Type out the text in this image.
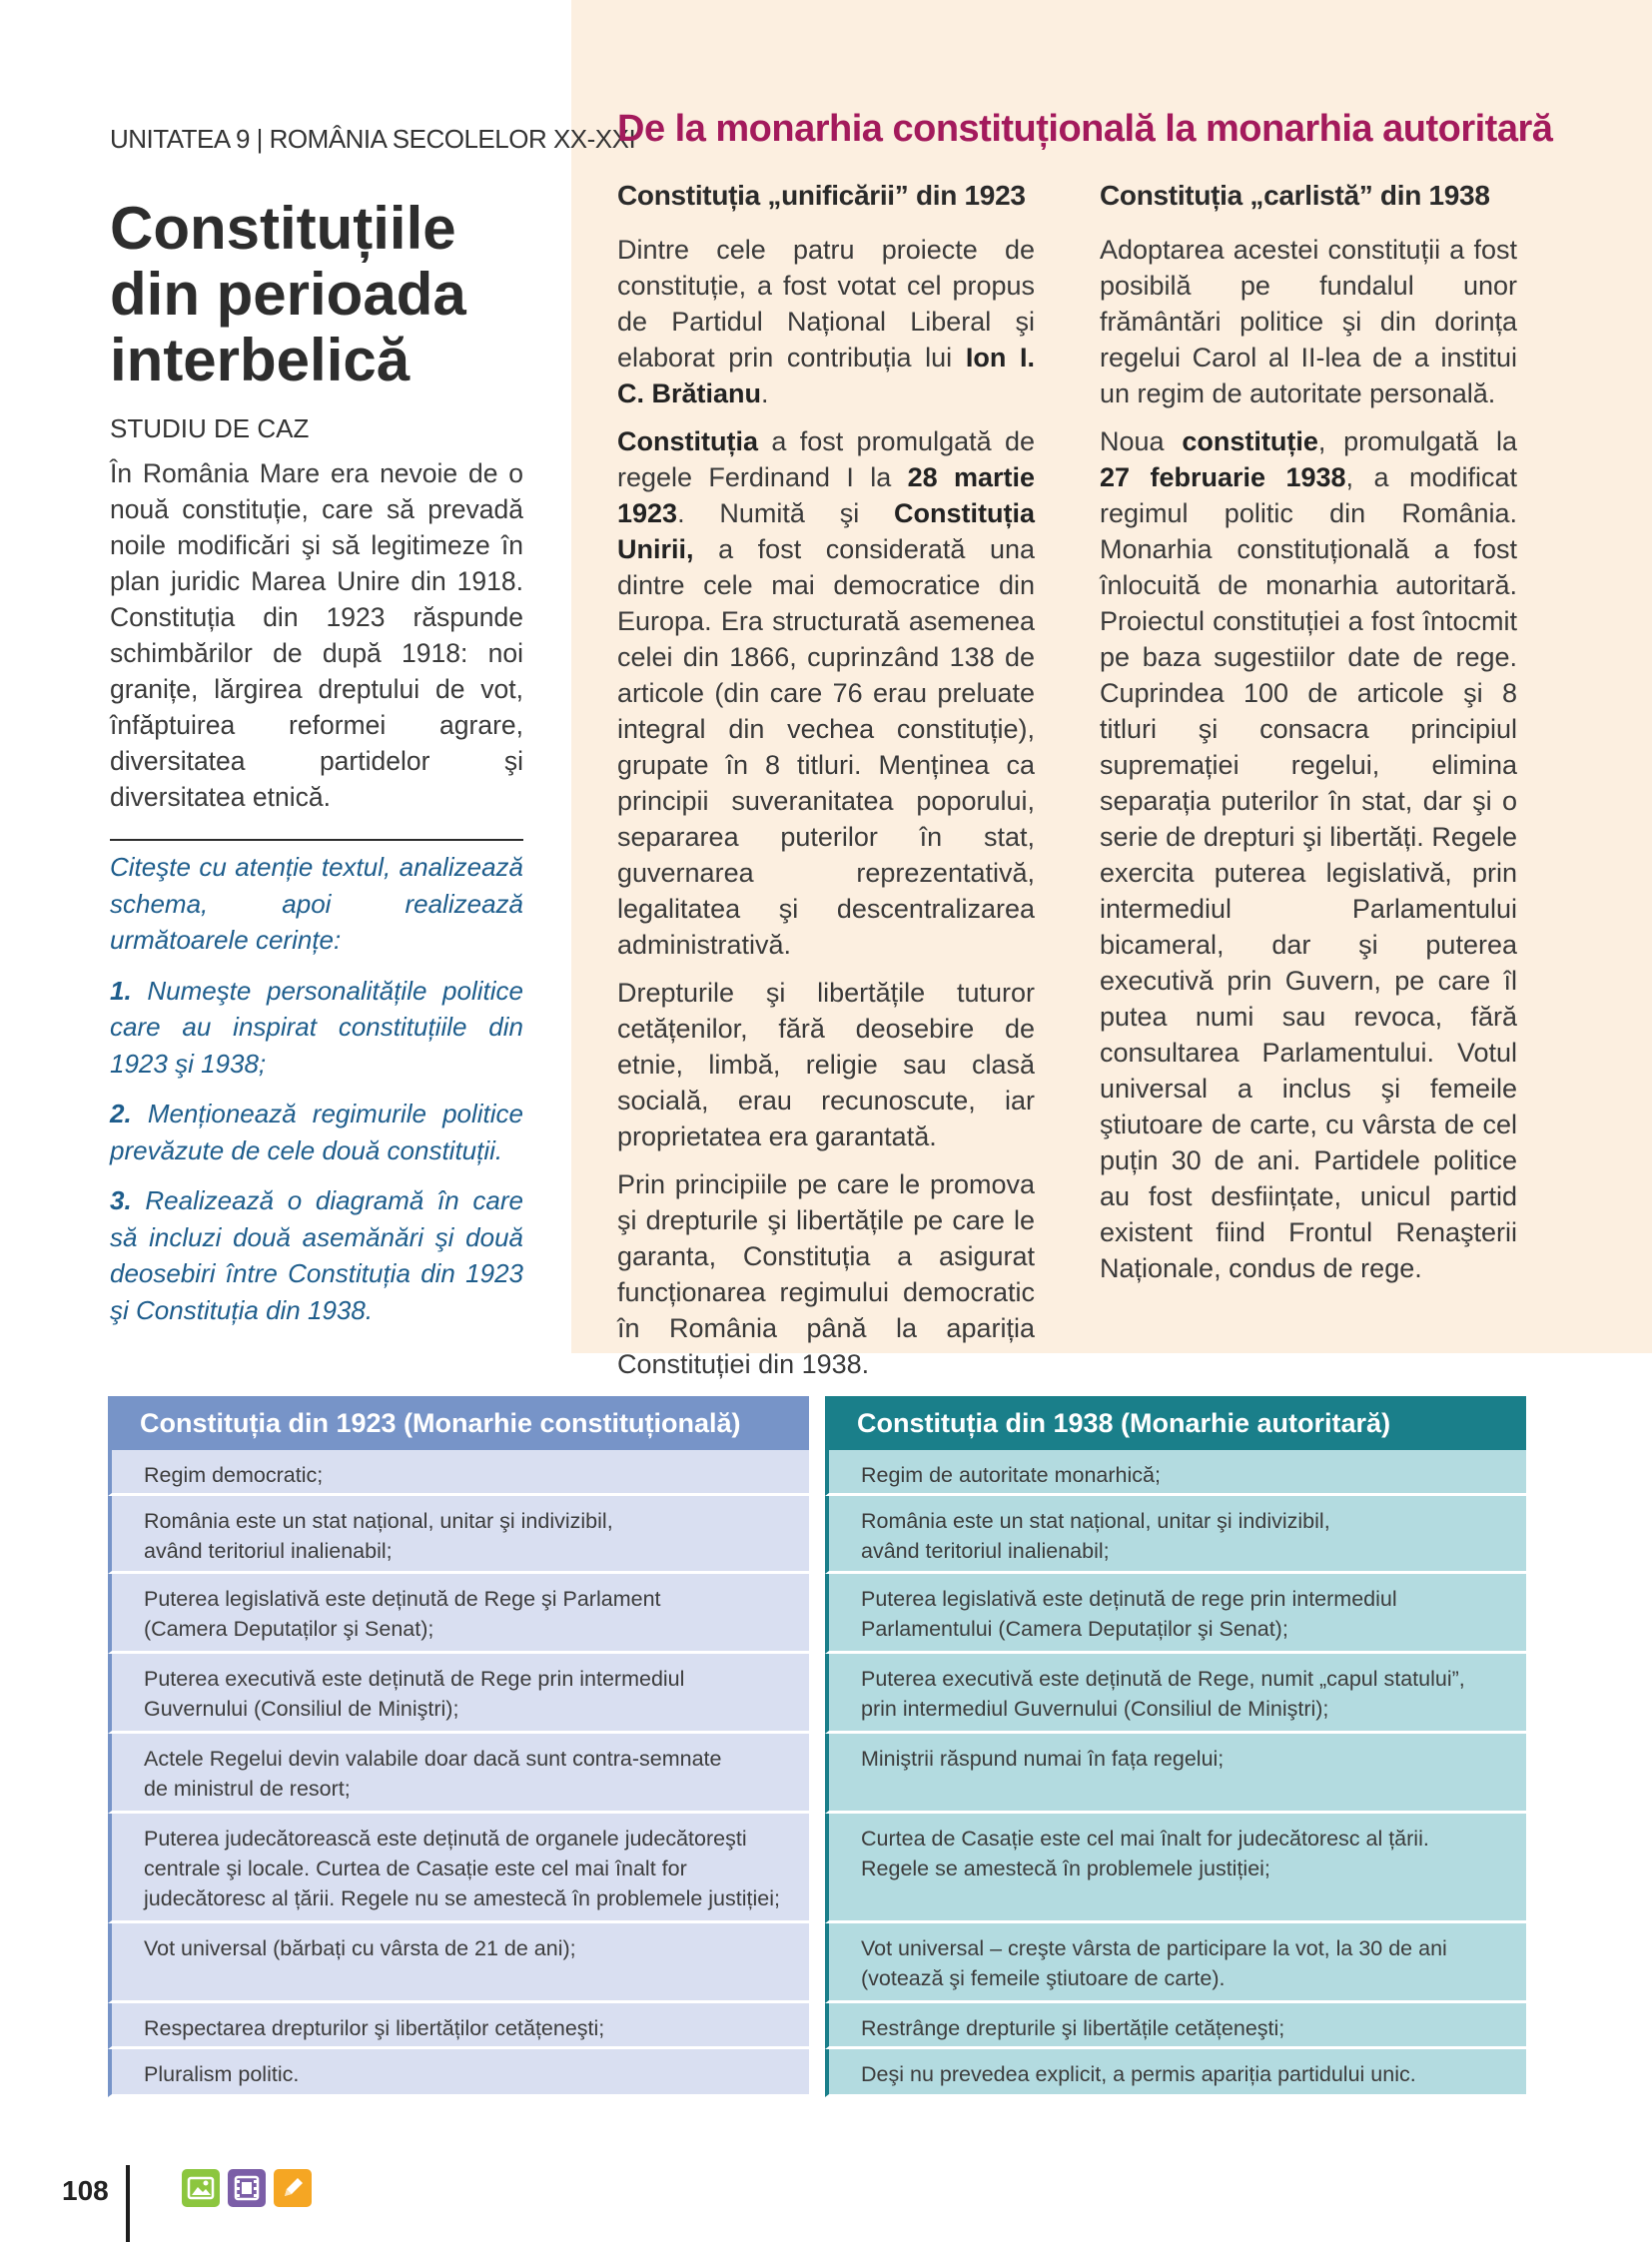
UNITATEA 9 | ROMÂNIA SECOLELOR XX-XXI
Constituțiile
din perioada
interbelică
STUDIU DE CAZ
În România Mare era nevoie de o nouă constituție, care să prevadă noile modificări şi să legitimeze în plan juridic Marea Unire din 1918. Constituția din 1923 răspunde schimbărilor de după 1918: noi granițe, lărgirea dreptului de vot, înfăptuirea reformei agrare, diversitatea partidelor şi diversitatea etnică.

Citeşte cu atenție textul, analizează schema, apoi realizează următoarele cerințe:

1. Numeşte personalitățile politice care au inspirat constituțiile din 1923 şi 1938;

2. Menționează regimurile politice prevăzute de cele două constituții.

3. Realizează o diagramă în care să incluzi două asemănări şi două deosebiri între Constituția din 1923 şi Constituția din 1938.

De la monarhia constituțională la monarhia autoritară
Constituția „unificării” din 1923

Dintre cele patru proiecte de constituție, a fost votat cel propus de Partidul Național Liberal şi elaborat prin contribuția lui Ion I. C. Brătianu.

Constituția a fost promulgată de regele Ferdinand I la 28 martie 1923. Numită şi Constituția Unirii, a fost considerată una dintre cele mai democratice din Europa. Era structurată asemenea celei din 1866, cuprinzând 138 de articole (din care 76 erau preluate integral din vechea constituție), grupate în 8 titluri. Menținea ca principii suveranitatea poporului, separarea puterilor în stat, guvernarea reprezentativă, legalitatea şi descentralizarea administrativă.

Drepturile şi libertățile tuturor cetățenilor, fără deosebire de etnie, limbă, religie sau clasă socială, erau recunoscute, iar proprietatea era garantată.

Prin principiile pe care le promova şi drepturile şi libertățile pe care le garanta, Constituția a asigurat funcționarea regimului democratic în România până la apariția Constituției din 1938.

Constituția „carlistă” din 1938

Adoptarea acestei constituții a fost posibilă pe fundalul unor frământări politice şi din dorința regelui Carol al II-lea de a institui un regim de autoritate personală.

Noua constituție, promulgată la 27 februarie 1938, a modificat regimul politic din România. Monarhia constituțională a fost înlocuită de monarhia autoritară. Proiectul constituției a fost întocmit pe baza sugestiilor date de rege. Cuprindea 100 de articole şi 8 titluri şi consacra principiul supremației regelui, elimina separația puterilor în stat, dar şi o serie de drepturi şi libertăți. Regele exercita puterea legislativă, prin intermediul Parlamentului bicameral, dar şi puterea executivă prin Guvern, pe care îl putea numi sau revoca, fără consultarea Parlamentului. Votul universal a inclus şi femeile ştiutoare de carte, cu vârsta de cel puțin 30 de ani. Partidele politice au fost desființate, unicul partid existent fiind Frontul Renaşterii Naționale, condus de rege.

Constituția din 1923 (Monarhie constituțională)
Regim democratic;
România este un stat național, unitar şi indivizibil,
având teritoriul inalienabil;
Puterea legislativă este deținută de Rege şi Parlament
(Camera Deputaților şi Senat);
Puterea executivă este deținută de Rege prin intermediul
Guvernului (Consiliul de Miniştri);
Actele Regelui devin valabile doar dacă sunt contra-semnate
de ministrul de resort;
Puterea judecătorească este deținută de organele judecătoreşti
centrale şi locale. Curtea de Casație este cel mai înalt for
judecătoresc al țării. Regele nu se amestecă în problemele justiției;
Vot universal (bărbați cu vârsta de 21 de ani);
Respectarea drepturilor şi libertăților cetățeneşti;
Pluralism politic.
Constituția din 1938 (Monarhie autoritară)
Regim de autoritate monarhică;
România este un stat național, unitar şi indivizibil,
având teritoriul inalienabil;
Puterea legislativă este deținută de rege prin intermediul
Parlamentului (Camera Deputaților şi Senat);
Puterea executivă este deținută de Rege, numit „capul statului”,
prin intermediul Guvernului (Consiliul de Miniştri);
Miniştrii răspund numai în fața regelui;
Curtea de Casație este cel mai înalt for judecătoresc al țării.
Regele se amestecă în problemele justiției;
Vot universal – creşte vârsta de participare la vot, la 30 de ani
(votează şi femeile ştiutoare de carte).
Restrânge drepturile şi libertățile cetățeneşti;
Deşi nu prevedea explicit, a permis apariția partidului unic.
108
